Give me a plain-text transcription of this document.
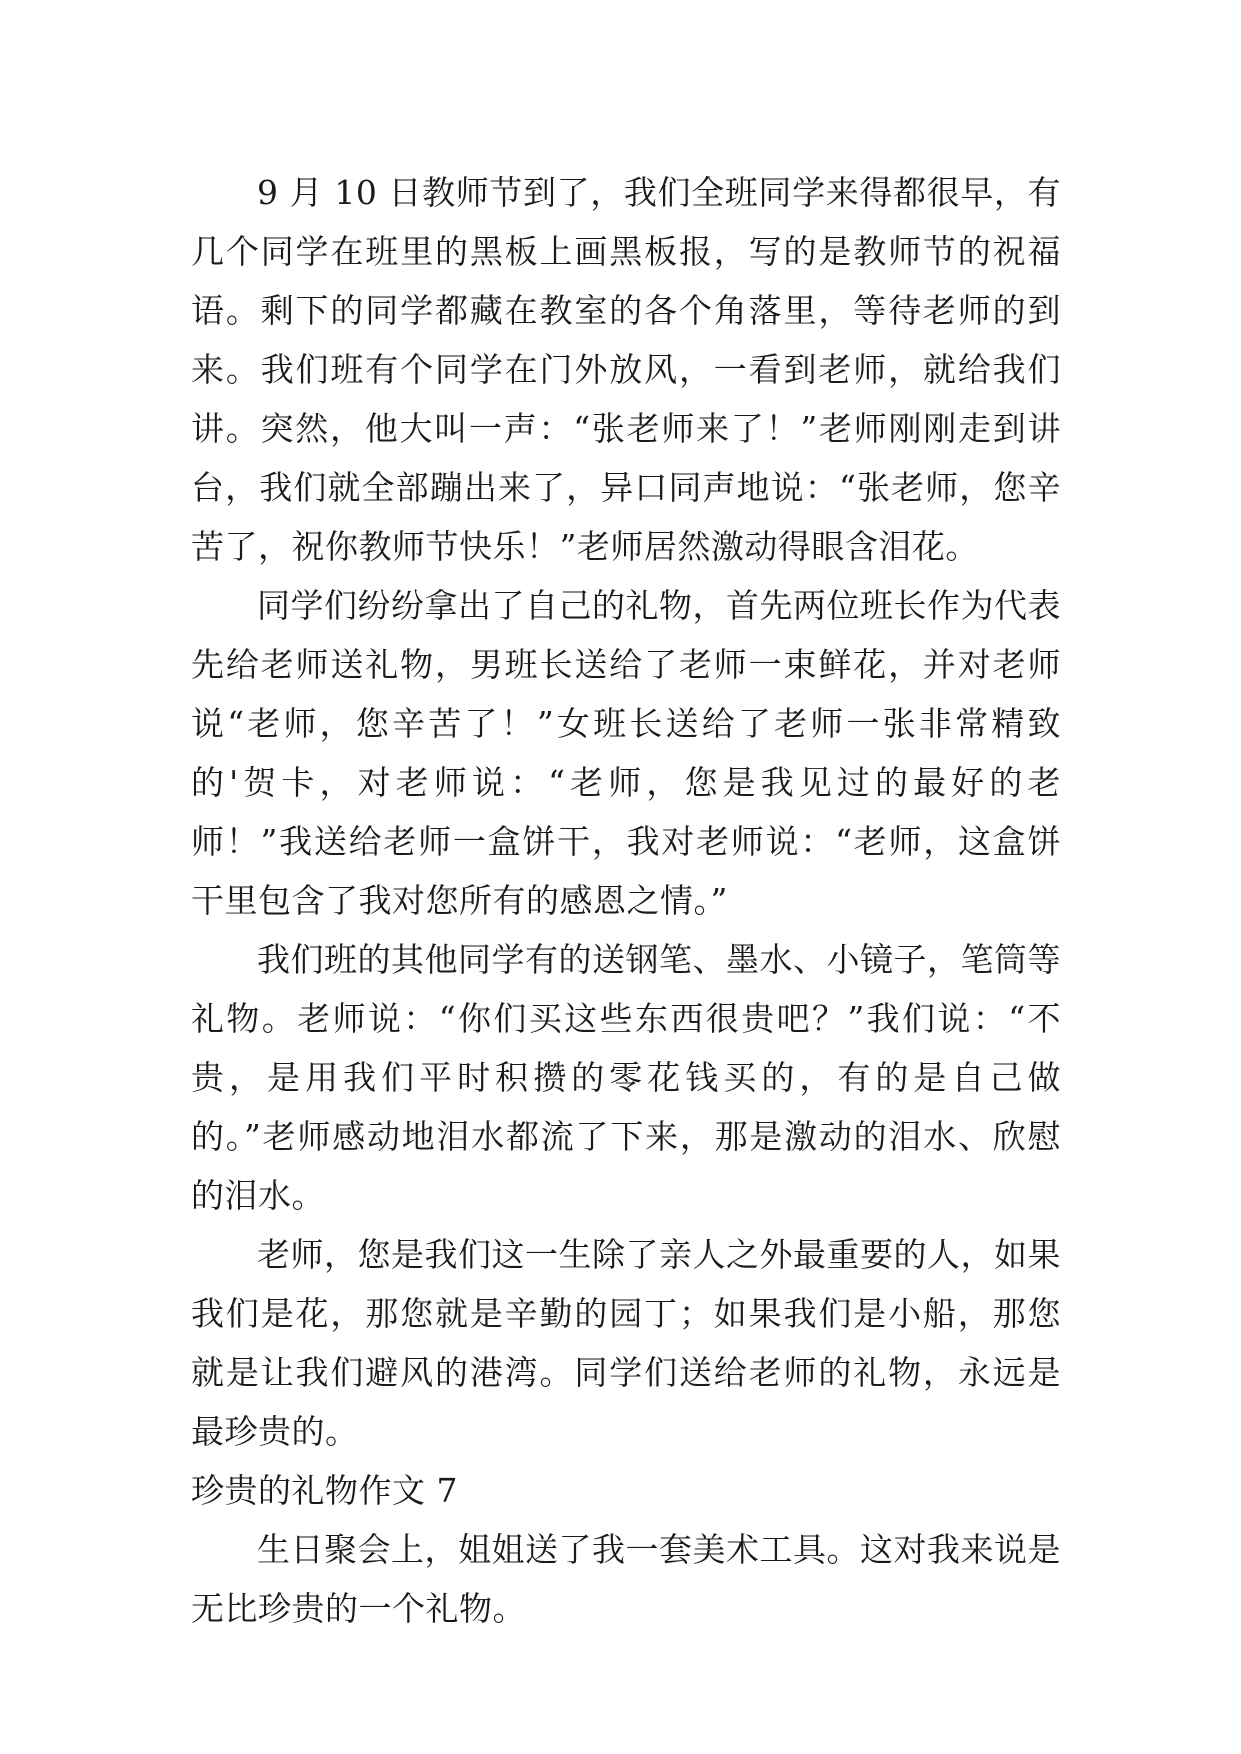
9 月 10 日教师节到了，我们全班同学来得都很早，有几个同学在班里的黑板上画黑板报，写的是教师节的祝福语。剩下的同学都藏在教室的各个角落里，等待老师的到来。我们班有个同学在门外放风，一看到老师，就给我们讲。突然，他大叫一声：“张老师来了！”老师刚刚走到讲台，我们就全部蹦出来了，异口同声地说：“张老师，您辛苦了，祝你教师节快乐！”老师居然激动得眼含泪花。

同学们纷纷拿出了自己的礼物，首先两位班长作为代表先给老师送礼物，男班长送给了老师一束鲜花，并对老师说“老师，您辛苦了！”女班长送给了老师一张非常精致的'贺卡，对老师说：“老师，您是我见过的最好的老师！”我送给老师一盒饼干，我对老师说：“老师，这盒饼干里包含了我对您所有的感恩之情。”

我们班的其他同学有的送钢笔、墨水、小镜子，笔筒等礼物。老师说：“你们买这些东西很贵吧？”我们说：“不贵，是用我们平时积攒的零花钱买的，有的是自己做的。”老师感动地泪水都流了下来，那是激动的泪水、欣慰的泪水。

老师，您是我们这一生除了亲人之外最重要的人，如果我们是花，那您就是辛勤的园丁；如果我们是小船，那您就是让我们避风的港湾。同学们送给老师的礼物，永远是最珍贵的。

珍贵的礼物作文 7

生日聚会上，姐姐送了我一套美术工具。这对我来说是无比珍贵的一个礼物。
